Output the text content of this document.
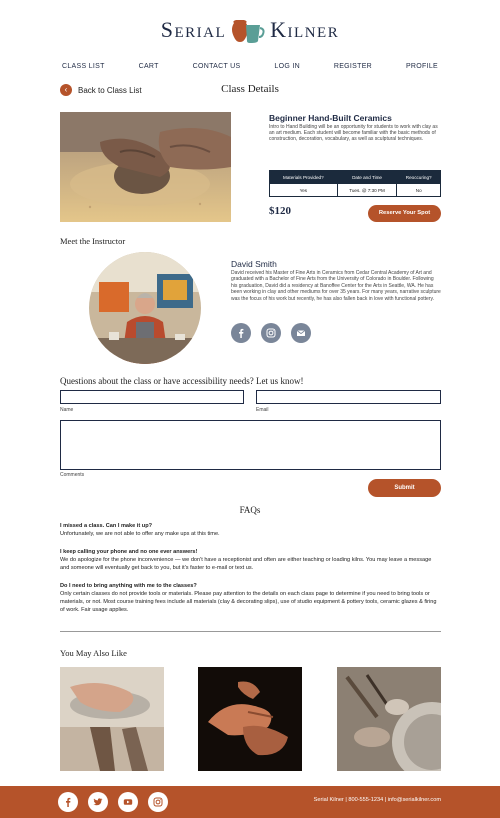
Serial Kilner
CLASS LIST	CART	CONTACT US	LOG IN	REGISTER	PROFILE
‹	Back to Class List	Class Details
Beginner Hand-Built Ceramics
Intro to Hand Building will be an opportunity for students to work with clay as an art medium. Each student will become familiar with the basic methods of construction, decoration, vocabulary, as well as sculptural techniques.
Materials Provided?	Date and Time	Reoccuring?
Yes	Tues. @ 7:30 PM	No
$120	Reserve Your Spot
Meet the Instructor
David Smith
David received his Master of Fine Arts in Ceramics from Cedar Central Academy of Art and graduated with a Bachelor of Fine Arts from the University of Colorado in Boulder. Following his graduation, David did a residency at Banoffee Center for the Arts in Seattle, WA. He has been working in clay and other mediums for over 35 years. For many years, narrative sculpture was the focus of his work but recently, he has also fallen back in love with functional pottery.
Questions about the class or have accessibility needs? Let us know!
Name	Email
Comments
Submit
FAQs
I missed a class. Can I make it up?
Unfortunately, we are not able to offer any make ups at this time.
I keep calling your phone and no one ever answers!
We do apologize for the phone inconvenience — we don't have a receptionist and often are either teaching or loading kilns. You may leave a message and someone will eventually get back to you, but it's faster to e-mail or text us.
Do I need to bring anything with me to the classes?
Only certain classes do not provide tools or materials. Please pay attention to the details on each class page to determine if you need to bring tools or materials, or not. Most course training fees include all materials (clay & decorating slips), use of studio equipment & pottery tools, ceramic glazes & firing of work. Fair usage applies.
You May Also Like
Serial Kilner | 800-555-1234 | info@serialkilner.com
